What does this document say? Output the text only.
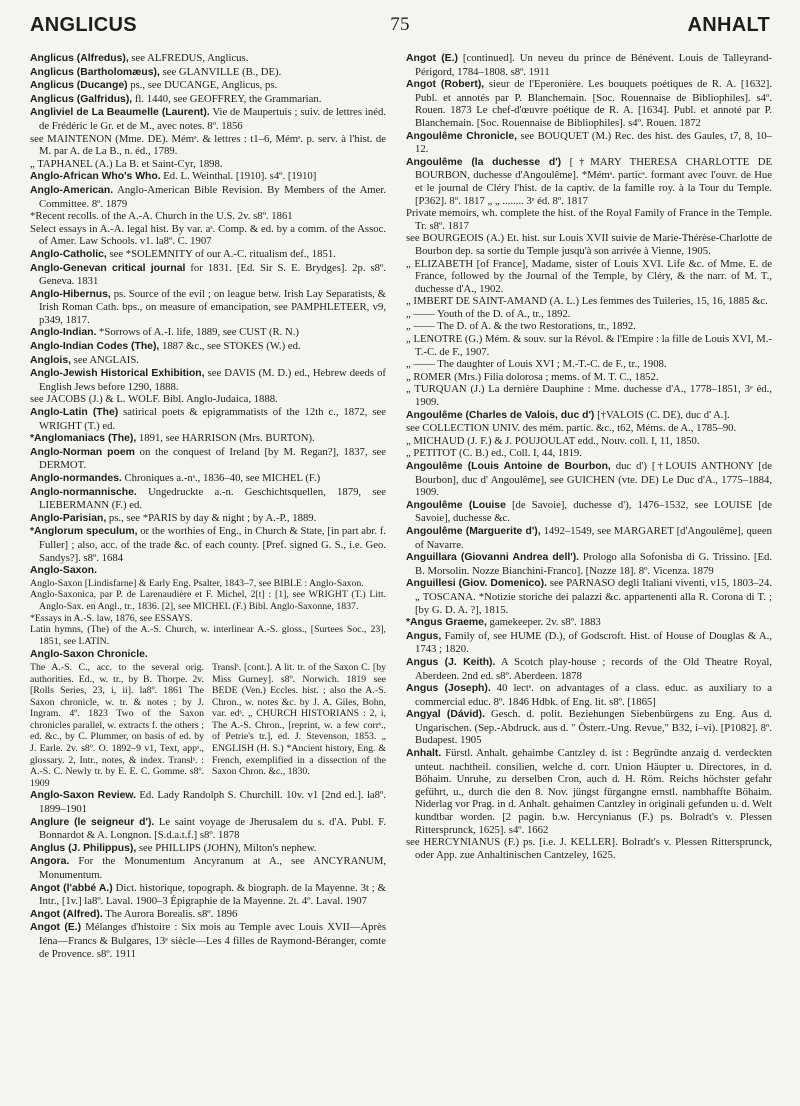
ANGLICUS	75	ANHALT
Anglicus (Alfredus), see ALFREDUS, Anglicus.
Anglicus (Bartholomæus), see GLANVILLE (B., DE).
Anglicus (Ducange) ps., see DUCANGE, Anglicus, ps.
Anglicus (Galfridus), fl. 1440, see GEOFFREY, the Grammarian.
Angliviel de La Beaumelle (Laurent). Vie de Maupertuis ; suiv. de lettres inéd. de Frédéric le Gr. et de M., avec notes. 8º. 1856
see MAINTENON (Mme. DE). Mémˢ. & lettres : t1–6, Mémˢ. p. serv. à l'hist. de M. par A. de La B., n. éd., 1789.
„ TAPHANEL (A.) La B. et Saint-Cyr, 1898.
Anglo-African Who's Who. Ed. L. Weinthal. [1910]. s4º. [1910]
Anglo-American. Anglo-American Bible Revision. By Members of the Amer. Committee. 8º. 1879
*Recent recolls. of the A.-A. Church in the U.S. 2v. s8º. 1861
Select essays in A.-A. legal hist. By var. aˢ. Comp. & ed. by a comm. of the Assoc. of Amer. Law Schools. v1. la8º. C. 1907
Anglo-Catholic, see *SOLEMNITY of our A.-C. ritualism def., 1851.
Anglo-Genevan critical journal for 1831. [Ed. Sir S. E. Brydges]. 2p. s8º. Geneva. 1831
Anglo-Hibernus, ps. Source of the evil ; on league betw. Irish Lay Separatists, & Irish Roman Cath. bps., on measure of emancipation, see PAMPHLETEER, v9, p349, 1817.
Anglo-Indian. *Sorrows of A.-I. life, 1889, see CUST (R. N.)
Anglo-Indian Codes (The), 1887 &c., see STOKES (W.) ed.
Anglois, see ANGLAIS.
Anglo-Jewish Historical Exhibition, see DAVIS (M. D.) ed., Hebrew deeds of English Jews before 1290, 1888.
see JACOBS (J.) & L. WOLF. Bibl. Anglo-Judaica, 1888.
Anglo-Latin (The) satirical poets & epigrammatists of the 12th c., 1872, see WRIGHT (T.) ed.
*Anglomaniacs (The), 1891, see HARRISON (Mrs. BURTON).
Anglo-Norman poem on the conquest of Ireland [by M. Regan?], 1837, see DERMOT.
Anglo-normandes. Chroniques a.-nˢ., 1836–40, see MICHEL (F.)
Anglo-normannische. Ungedruckte a.-n. Geschichtsquellen, 1879, see LIEBERMANN (F.) ed.
Anglo-Parisian, ps., see *PARIS by day & night ; by A.-P., 1889.
*Anglorum speculum, or the worthies of Eng., in Church & State, [in part abr. f. Fuller] ; also, acc. of the trade &c. of each county. [Pref. signed G. S., i.e. Geo. Sandys?]. s8º. 1684
Anglo-Saxon.
Anglo-Saxon [Lindisfarne] & Early Eng. Psalter, 1843–7, see BIBLE : Anglo-Saxon.
Anglo-Saxonica, par P. de Larenaudière et F. Michel, 2[t] : [1], see WRIGHT (T.) Litt. Anglo-Sax. en Angl., tr., 1836. [2], see MICHEL (F.) Bibl. Anglo-Saxonne, 1837.
*Essays in A.-S. law, 1876, see ESSAYS.
Latin hymns, (The) of the A.-S. Church, w. interlinear A.-S. gloss., [Surtees Soc., 23], 1851, see LATIN.
Anglo-Saxon Chronicle.
The A.-S. C., acc. to the several orig. authorities. Ed., w. tr., by B. Thorpe. 2v. [Rolls Series, 23, i, ii]. la8º. 1861 The Saxon chronicle, w. tr. & notes ; by J. Ingram. 4º. 1823 Two of the Saxon chronicles parallel, w. extracts f. the others ; ed. &c., by C. Plummer, on basis of ed. by J. Earle. 2v. s8º. O. 1892–9 v1, Text, appˢ., glossary. 2, Intr., notes, & index. Translˢ. : A.-S. C. Newly tr. by E. E. C. Gomme. s8º. 1909
Translˢ. [cont.]. A lit. tr. of the Saxon C. [by Miss Gurney]. s8º. Norwich. 1819 see BEDE (Ven.) Eccles. hist. ; also the A.-S. Chron., w. notes &c. by J. A. Giles, Bohn, var. edˢ. „ CHURCH HISTORIANS : 2, i, The A.-S. Chron., [reprint, w. a few corrˢ., of Petrie's tr.], ed. J. Stevenson, 1853. „ ENGLISH (H. S.) *Ancient history, Eng. & French, exemplified in a dissection of the Saxon Chron. &c., 1830.
Anglo-Saxon Review. Ed. Lady Randolph S. Churchill. 10v. v1 [2nd ed.]. la8º. 1899–1901
Anglure (le seigneur d'). Le saint voyage de Jherusalem du s. d'A. Publ. F. Bonnardot & A. Longnon. [S.d.a.t.f.] s8º. 1878
Anglus (J. Philippus), see PHILLIPS (JOHN), Milton's nephew.
Angora. For the Monumentum Ancyranum at A., see ANCYRANUM, Monumentum.
Angot (l'abbé A.) Dict. historique, topograph. & biograph. de la Mayenne. 3t ; & Intr., [1v.] la8º. Laval. 1900–3 Épigraphie de la Mayenne. 2t. 4º. Laval. 1907
Angot (Alfred). The Aurora Borealis. s8º. 1896
Angot (E.) Mélanges d'histoire : Six mois au Temple avec Louis XVII—Après Iéna—Francs & Bulgares, 13ᵉ siècle—Les 4 filles de Raymond-Béranger, comte de Provence. s8º. 1911
Angot (E.) [continued]. Un neveu du prince de Bénévent. Louis de Talleyrand-Périgord, 1784–1808. s8º. 1911
Angot (Robert), sieur de l'Eperonière. Les bouquets poétiques de R. A. [1632]. Publ. et annotés par P. Blanchemain. [Soc. Rouennaise de Bibliophiles]. s4º. Rouen. 1873 Le chef-d'œuvre poétique de R. A. [1634]. Publ. et annoté par P. Blanchemain. [Soc. Rouennaise de Bibliophiles]. s4º. Rouen. 1872
Angoulême Chronicle, see BOUQUET (M.) Rec. des hist. des Gaules, t7, 8, 10–12.
Angoulême (la duchesse d') [†MARY THERESA CHARLOTTE DE BOURBON, duchesse d'Angoulême]. *Mémˢ. particˢ. formant avec l'ouvr. de Hue et le journal de Cléry l'hist. de la captiv. de la famille roy. à la Tour du Temple. [P362]. 8º. 1817 „ „ ........ 3ᵉ éd. 8º. 1817
Private memoirs, wh. complete the hist. of the Royal Family of France in the Temple. Tr. s8º. 1817
see BOURGEOIS (A.) Et. hist. sur Louis XVII suivie de Marie-Thérèse-Charlotte de Bourbon dep. sa sortie du Temple jusqu'à son arrivée à Vienne, 1905.
„ ELIZABETH [of France], Madame, sister of Louis XVI. Life &c. of Mme. E. de France, followed by the Journal of the Temple, by Cléry, & the narr. of M. T., duchesse d'A., 1902.
„ IMBERT DE SAINT-AMAND (A. L.) Les femmes des Tuileries, 15, 16, 1885 &c.
„ —— Youth of the D. of A., tr., 1892.
„ —— The D. of A. & the two Restorations, tr., 1892.
„ LENOTRE (G.) Mém. & souv. sur la Révol. & l'Empire : la fille de Louis XVI, M.-T.-C. de F., 1907.
„ —— The daughter of Louis XVI ; M.-T.-C. de F., tr., 1908.
„ ROMER (Mrs.) Filia dolorosa ; mems. of M. T. C., 1852.
„ TURQUAN (J.) La dernière Dauphine : Mme. duchesse d'A., 1778–1851, 3ᵉ éd., 1909.
Angoulême (Charles de Valois, duc d') [†VALOIS (C. DE), duc d' A.].
see COLLECTION UNIV. des mém. partic. &c., t62, Méms. de A., 1785–90.
„ MICHAUD (J. F.) & J. POUJOULAT edd., Nouv. coll. I, 11, 1850.
„ PETITOT (C. B.) ed., Coll. I, 44, 1819.
Angoulême (Louis Antoine de Bourbon, duc d') [†LOUIS ANTHONY [de Bourbon], duc d' Angoulême], see GUICHEN (vte. DE) Le Duc d'A., 1775–1884, 1909.
Angoulême (Louise [de Savoie], duchesse d'), 1476–1532, see LOUISE [de Savoie], duchesse &c.
Angoulême (Marguerite d'), 1492–1549, see MARGARET [d'Angoulême], queen of Navarre.
Anguillara (Giovanni Andrea dell'). Prologo alla Sofonisba di G. Trissino. [Ed. B. Morsolin. Nozze Bianchini-Franco]. [Nozze 18]. 8º. Vicenza. 1879
Anguillesi (Giov. Domenico). see PARNASO degli Italiani viventi, v15, 1803–24. „ TOSCANA. *Notizie storiche dei palazzi &c. appartenenti alla R. Corona di T. ; [by G. D. A. ?], 1815.
*Angus Graeme, gamekeeper. 2v. s8º. 1883
Angus, Family of, see HUME (D.), of Godscroft. Hist. of House of Douglas & A., 1743 ; 1820.
Angus (J. Keith). A Scotch play-house ; records of the Old Theatre Royal, Aberdeen. 2nd ed. s8º. Aberdeen. 1878
Angus (Joseph). 40 lectˢ. on advantages of a class. educ. as auxiliary to a commercial educ. 8º. 1846 Hdbk. of Eng. lit. s8º. [1865]
Angyal (Dávid). Gesch. d. polit. Beziehungen Siebenbürgens zu Eng. Aus d. Ungarischen. (Sep.-Abdruck. aus d. " Österr.-Ung. Revue," B32, i–vi). [P1082]. 8º. Budapest. 1905
Anhalt. Fürstl. Anhalt. gehaimbe Cantzley d. ist : Begründte anzaig d. verdeckten unteut. nachtheil. consilien, welche d. corr. Union Häupter u. Directores, in d. Böhaim. Unruhe, zu derselben Cron, auch d. H. Röm. Reichs höchster gefahr geführt, u., durch die den 8. Nov. jüngst fürgangne ernstl. nambhaffte Böhaim. Niderlag vor Prag. in d. Anhalt. gehaimen Cantzley in originali gefunden u. d. Welt kundtbar worden. [2 pagin. b.w. Hercynianus (F.) ps. Bolradt's v. Plessen Rittersprunck, 1625]. s4º. 1662
see HERCYNIANUS (F.) ps. [i.e. J. KELLER]. Bolradt's v. Plessen Rittersprunck, oder App. zue Anhaltinischen Cantzeley, 1625.
